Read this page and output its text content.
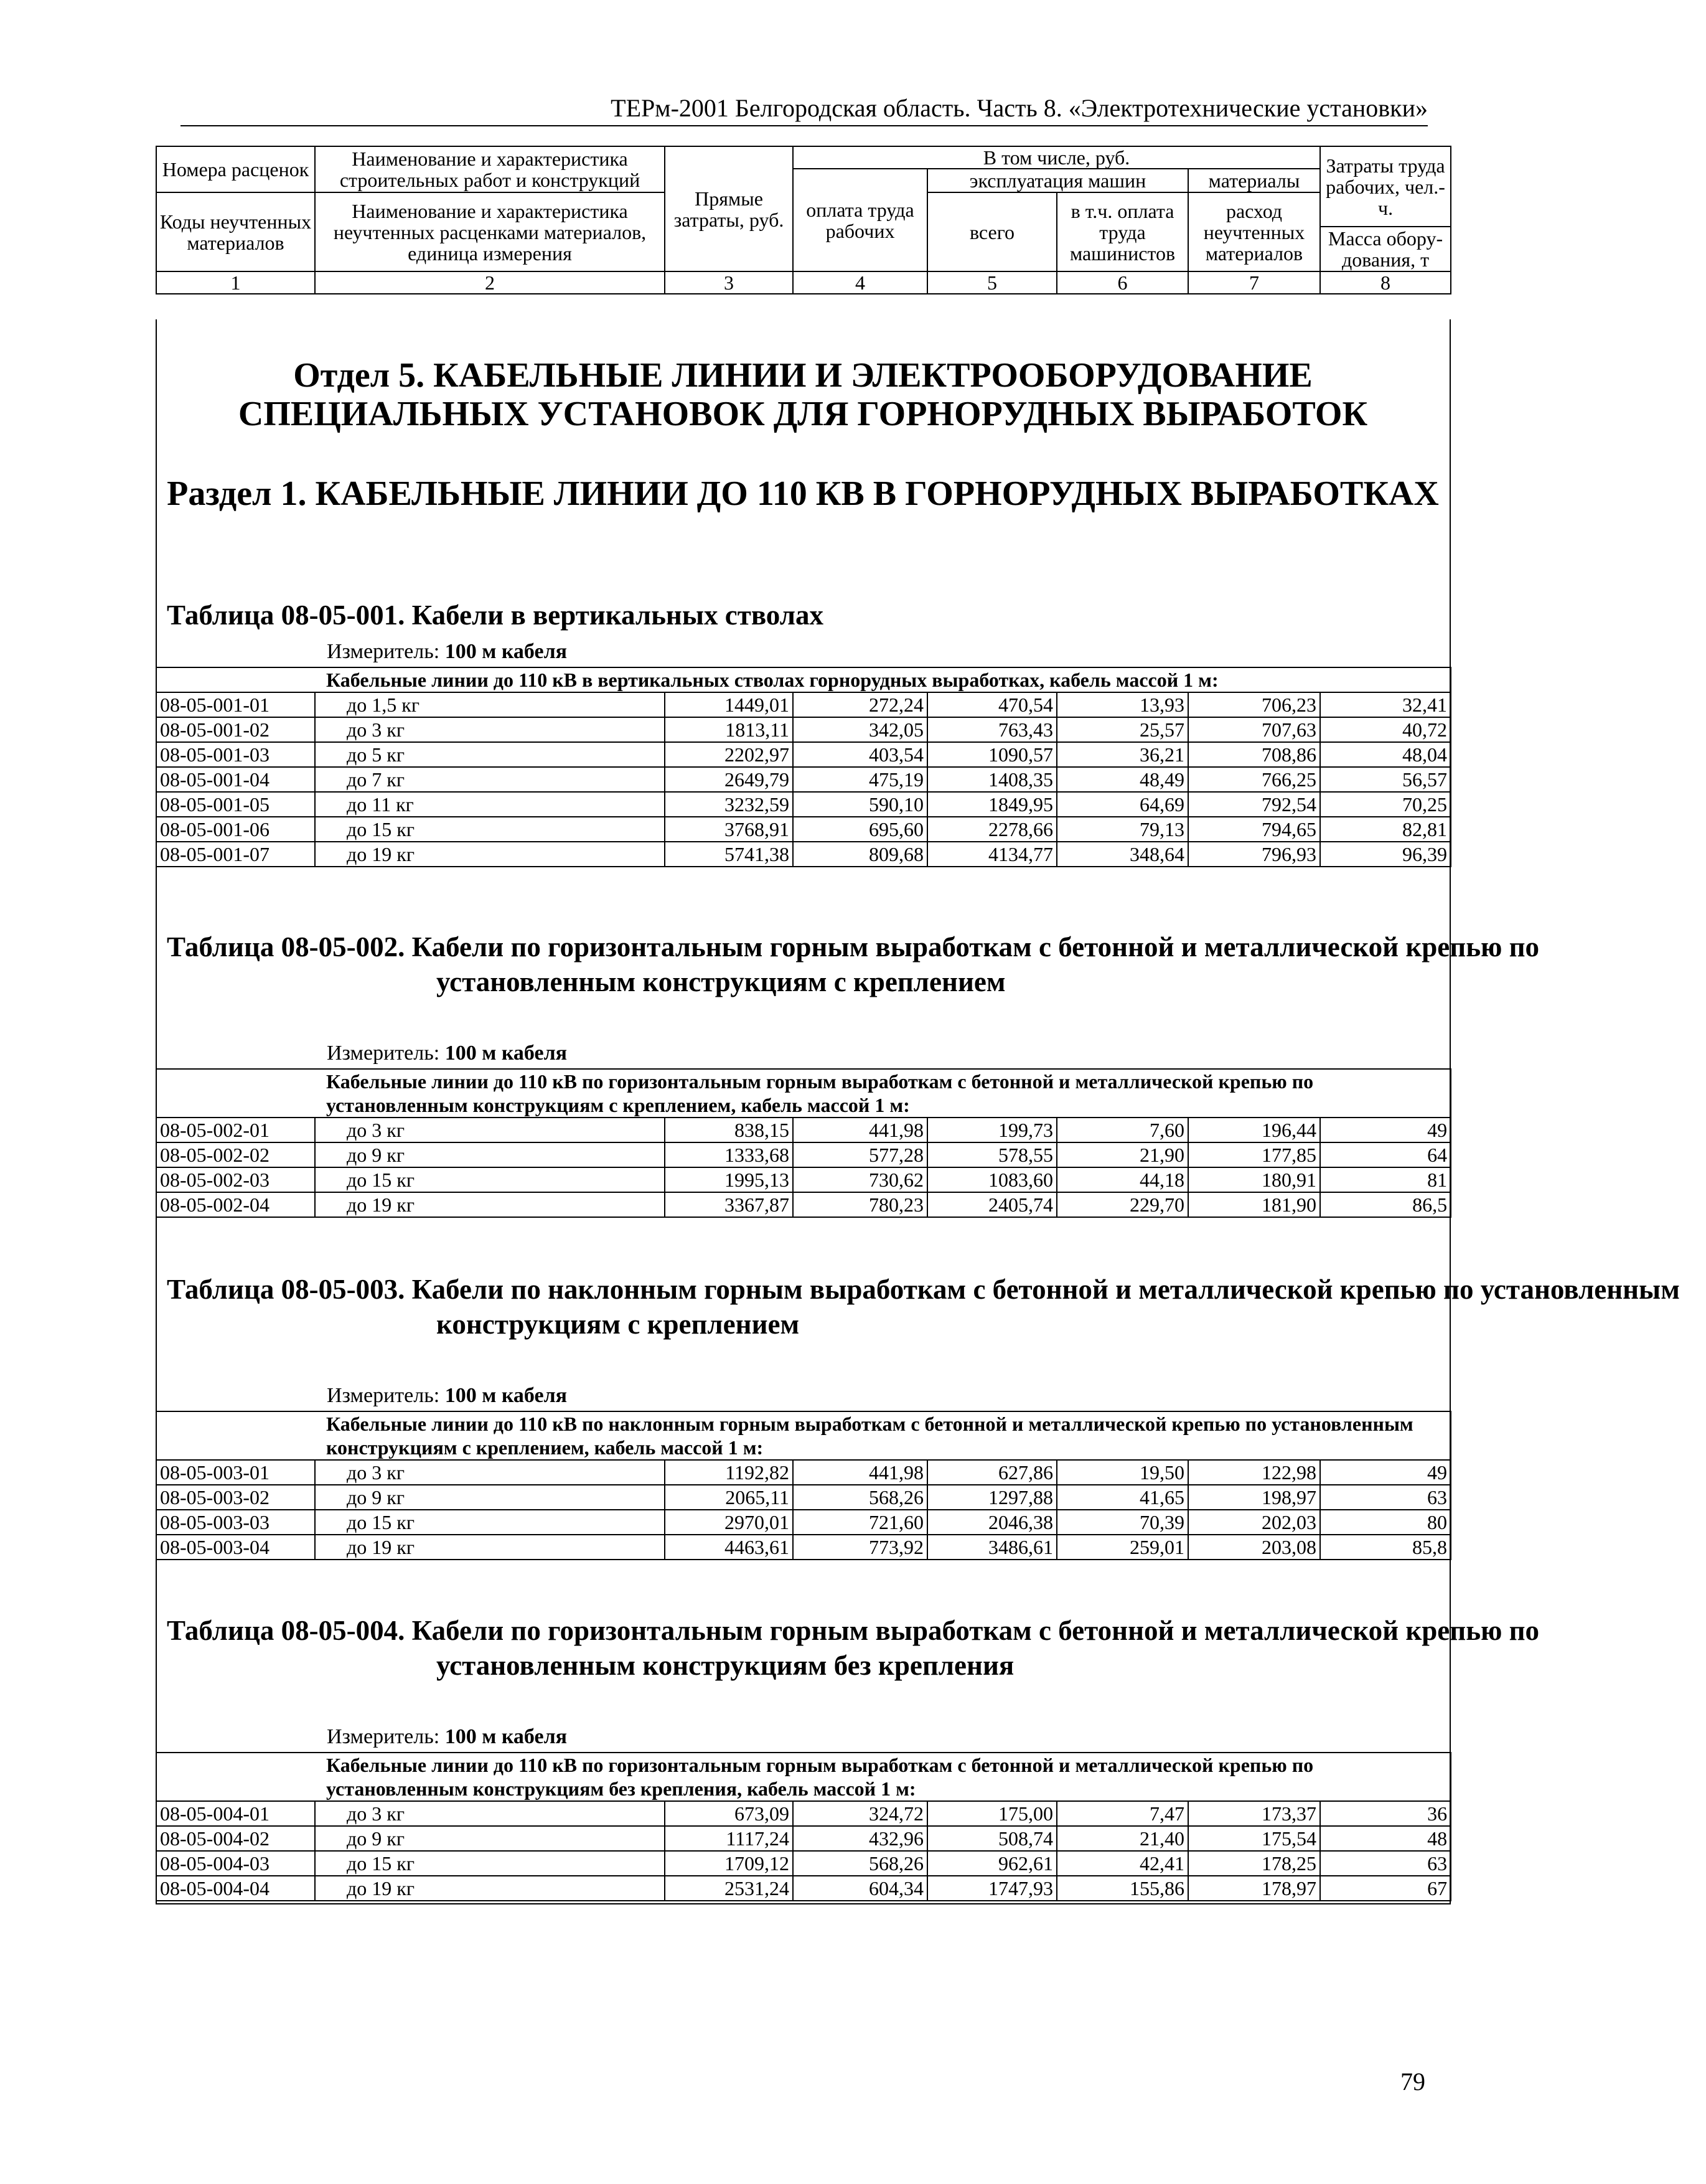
ТЕРм-2001 Белгородская область. Часть 8. «Электротехнические установки»
Номера расценок	Наименование и характеристика строительных работ и конструкций	Прямые затраты, руб.	В том числе, руб.				Затраты труда рабочих, чел.-ч.
			оплата труда рабочих	эксплуатация машин		материалы	
Коды неучтенных материалов	Наименование и характеристика неучтенных расценками материалов, единица измерения			всего	в т.ч. оплата труда машинистов	расход неучтенных материалов	
							Масса обору-дования, т
1	2	3	4	5	6	7	8
Отдел 5. КАБЕЛЬНЫЕ ЛИНИИ И ЭЛЕКТРООБОРУДОВАНИЕ СПЕЦИАЛЬНЫХ УСТАНОВОК ДЛЯ ГОРНОРУДНЫХ ВЫРАБОТОК
Раздел 1. КАБЕЛЬНЫЕ ЛИНИИ ДО 110 КВ В ГОРНОРУДНЫХ ВЫРАБОТКАХ
Таблица 08-05-001. Кабели в вертикальных стволах
Измеритель: 100 м кабеля
Кабельные линии до 110 кВ в вертикальных стволах горнорудных выработках, кабель массой 1 м:							
08-05-001-01	до 1,5 кг	1449,01	272,24	470,54	13,93	706,23	32,41
08-05-001-02	до 3 кг	1813,11	342,05	763,43	25,57	707,63	40,72
08-05-001-03	до 5 кг	2202,97	403,54	1090,57	36,21	708,86	48,04
08-05-001-04	до 7 кг	2649,79	475,19	1408,35	48,49	766,25	56,57
08-05-001-05	до 11 кг	3232,59	590,10	1849,95	64,69	792,54	70,25
08-05-001-06	до 15 кг	3768,91	695,60	2278,66	79,13	794,65	82,81
08-05-001-07	до 19 кг	5741,38	809,68	4134,77	348,64	796,93	96,39
Таблица 08-05-002. Кабели по горизонтальным горным выработкам с бетонной и металлической крепью по установленным конструкциям с креплением
Измеритель: 100 м кабеля
Кабельные линии до 110 кВ по горизонтальным горным выработкам с бетонной и металлической крепью по установленным конструкциям с креплением, кабель массой 1 м:							
08-05-002-01	до 3 кг	838,15	441,98	199,73	7,60	196,44	49
08-05-002-02	до 9 кг	1333,68	577,28	578,55	21,90	177,85	64
08-05-002-03	до 15 кг	1995,13	730,62	1083,60	44,18	180,91	81
08-05-002-04	до 19 кг	3367,87	780,23	2405,74	229,70	181,90	86,5
Таблица 08-05-003. Кабели по наклонным горным выработкам с бетонной и металлической крепью по установленным конструкциям с креплением
Измеритель: 100 м кабеля
Кабельные линии до 110 кВ по наклонным горным выработкам с бетонной и металлической крепью по установленным конструкциям с креплением, кабель массой 1 м:							
08-05-003-01	до 3 кг	1192,82	441,98	627,86	19,50	122,98	49
08-05-003-02	до 9 кг	2065,11	568,26	1297,88	41,65	198,97	63
08-05-003-03	до 15 кг	2970,01	721,60	2046,38	70,39	202,03	80
08-05-003-04	до 19 кг	4463,61	773,92	3486,61	259,01	203,08	85,8
Таблица 08-05-004. Кабели по горизонтальным горным выработкам с бетонной и металлической крепью по установленным конструкциям без крепления
Измеритель: 100 м кабеля
Кабельные линии до 110 кВ по горизонтальным горным выработкам с бетонной и металлической крепью по установленным конструкциям без крепления, кабель массой 1 м:							
08-05-004-01	до 3 кг	673,09	324,72	175,00	7,47	173,37	36
08-05-004-02	до 9 кг	1117,24	432,96	508,74	21,40	175,54	48
08-05-004-03	до 15 кг	1709,12	568,26	962,61	42,41	178,25	63
08-05-004-04	до 19 кг	2531,24	604,34	1747,93	155,86	178,97	67
79
